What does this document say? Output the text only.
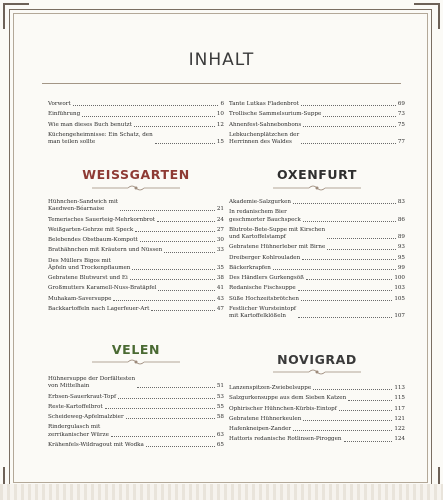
INHALT
Vorwort	6
Einführung	10
Wie man dieses Buch benutzt	12
Küchengeheimnisse: Ein Schatz, den
man teilen sollte	15
Tante Lutkas Fladenbrot	69
Trollische Sammelsurium-Suppe	73
Ahnenfest-Sahnebonbons	75
Lebkuchenplätzchen der
Herrinnen des Waldes	77
WEISSGARTEN
Hühnchen-Sandwich mit
Kaedwen-Béarnaise	21
Temerisches Sauerteig-Mehrkornbrot	24
Weißgarten-Gehrze mit Speck	27
Belebendes Obstbaum-Kompott	30
Brathähnchen mit Kräutern und Nüssen	33
Des Müllers Bigos mit
Äpfeln und Trockenpflaumen	35
Gebratene Blutwurst und Ei	38
Großmutters Karamell-Nuss-Bratäpfel	41
Muhakam-Saversuppe	43
Backkartoffeln nach Lagerfeuer-Art	47
OXENFURT
Akademie-Salzgurken	83
In redanischem Bier
geschmorter Bauchspeck	86
Blutrote-Bete-Suppe mit Kirschen
und Kartoffelstampf	89
Gebratene Hühnerleber mit Birne	93
Dreiberger Kohlrouladen	95
Bäckerkrapfen	99
Des Händlers Gurkengsöß	100
Redanische Fischsuppe	103
Süße Hochzeitsbrötchen	105
Festlicher Wursteintopf
mit Kartoffelklößeln	107
VELEN
Hühnersuppe der Dorfältesten
von Mittelhain	51
Erbsen-Sauerkraut-Topf	53
Reste-Kartoffelbrot	55
Scheideweg-Apfelmalzbier	58
Rindergulasch mit
zerrikanischer Würze	63
Krähenfels-Wildragout mit Wodka	65
NOVIGRAD
Lanzenspitzen-Zwiebelsuppe	113
Salzgurkensuppe aus dem Sieben Katzen	115
Ophirischer Hühnchen-Kürbis-Eintopf	117
Gebratene Hühnerkeulen	121
Hafenkneipen-Zander	122
Hattoris redanische Rotlinsen-Piroggen	124
